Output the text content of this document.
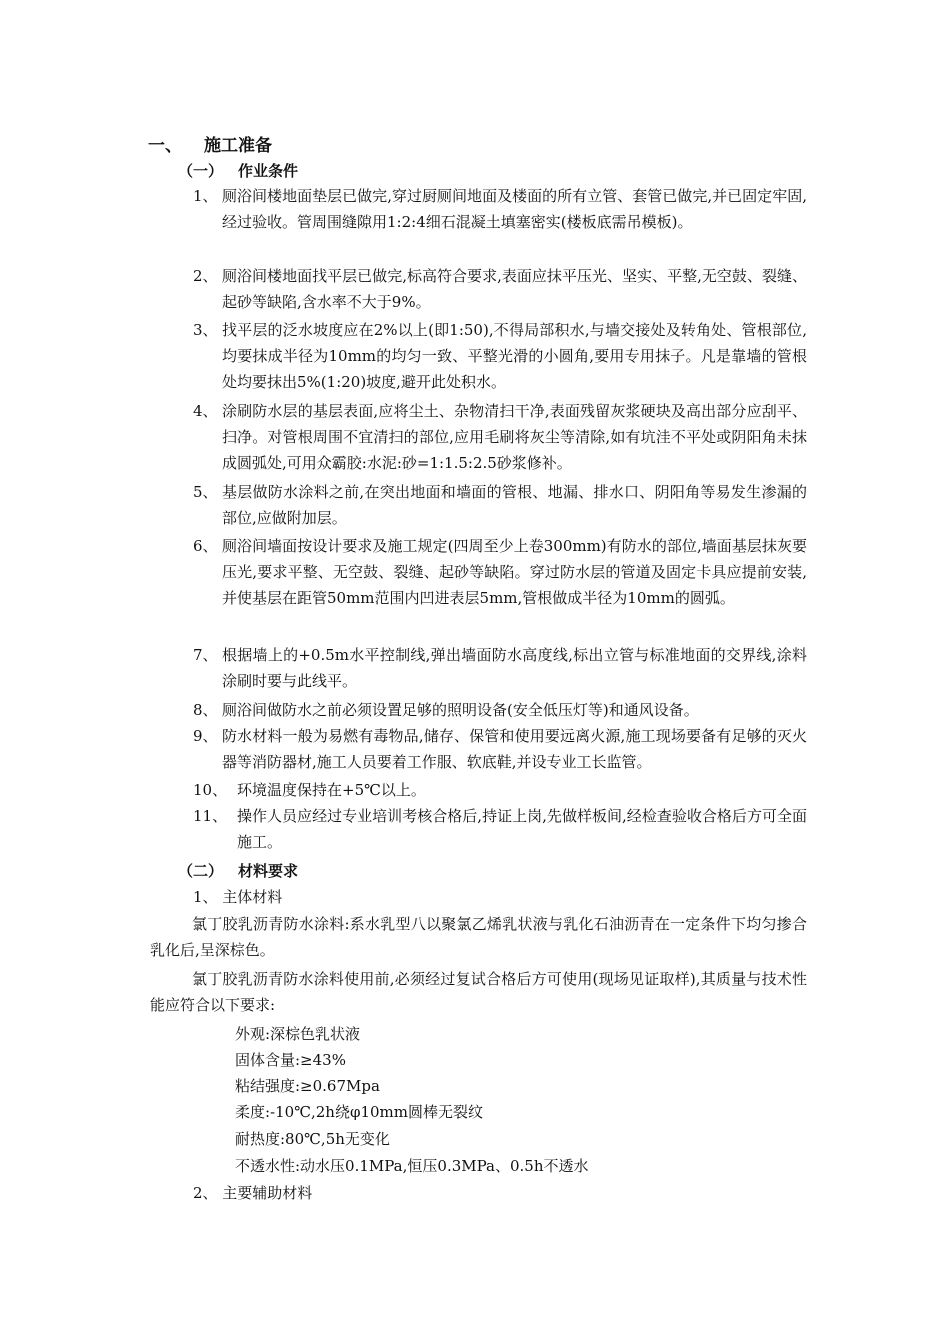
一、 施工准备
（一） 作业条件
1、 厕浴间楼地面垫层已做完,穿过厨厕间地面及楼面的所有立管、套管已做完,并已固定牢固,经过验收。管周围缝隙用1:2:4细石混凝土填塞密实(楼板底需吊模板)。
2、 厕浴间楼地面找平层已做完,标高符合要求,表面应抹平压光、坚实、平整,无空鼓、裂缝、起砂等缺陷,含水率不大于9%。
3、 找平层的泛水坡度应在2%以上(即1:50),不得局部积水,与墙交接处及转角处、管根部位,均要抹成半径为10mm的均匀一致、平整光滑的小圆角,要用专用抹子。凡是靠墙的管根处均要抹出5%(1:20)坡度,避开此处积水。
4、 涂刷防水层的基层表面,应将尘土、杂物清扫干净,表面残留灰浆硬块及高出部分应刮平、扫净。对管根周围不宜清扫的部位,应用毛刷将灰尘等清除,如有坑洼不平处或阴阳角未抹成圆弧处,可用众霸胶:水泥:砂=1:1.5:2.5砂浆修补。
5、 基层做防水涂料之前,在突出地面和墙面的管根、地漏、排水口、阴阳角等易发生渗漏的部位,应做附加层。
6、 厕浴间墙面按设计要求及施工规定(四周至少上卷300mm)有防水的部位,墙面基层抹灰要压光,要求平整、无空鼓、裂缝、起砂等缺陷。穿过防水层的管道及固定卡具应提前安装,并使基层在距管50mm范围内凹进表层5mm,管根做成半径为10mm的圆弧。
7、 根据墙上的+0.5m水平控制线,弹出墙面防水高度线,标出立管与标准地面的交界线,涂料涂刷时要与此线平。
8、 厕浴间做防水之前必须设置足够的照明设备(安全低压灯等)和通风设备。
9、 防水材料一般为易燃有毒物品,储存、保管和使用要远离火源,施工现场要备有足够的灭火器等消防器材,施工人员要着工作服、软底鞋,并设专业工长监管。
10、 环境温度保持在+5℃以上。
11、 操作人员应经过专业培训考核合格后,持证上岗,先做样板间,经检查验收合格后方可全面施工。
（二） 材料要求
1、 主体材料
氯丁胶乳沥青防水涂料:系水乳型八以聚氯乙烯乳状液与乳化石油沥青在一定条件下均匀掺合乳化后,呈深棕色。
氯丁胶乳沥青防水涂料使用前,必须经过复试合格后方可使用(现场见证取样),其质量与技术性能应符合以下要求:
外观:深棕色乳状液
固体含量:≥43%
粘结强度:≥0.67Mpa
柔度:-10℃,2h绕φ10mm圆棒无裂纹
耐热度:80℃,5h无变化
不透水性:动水压0.1MPa,恒压0.3MPa、0.5h不透水
2、 主要辅助材料
